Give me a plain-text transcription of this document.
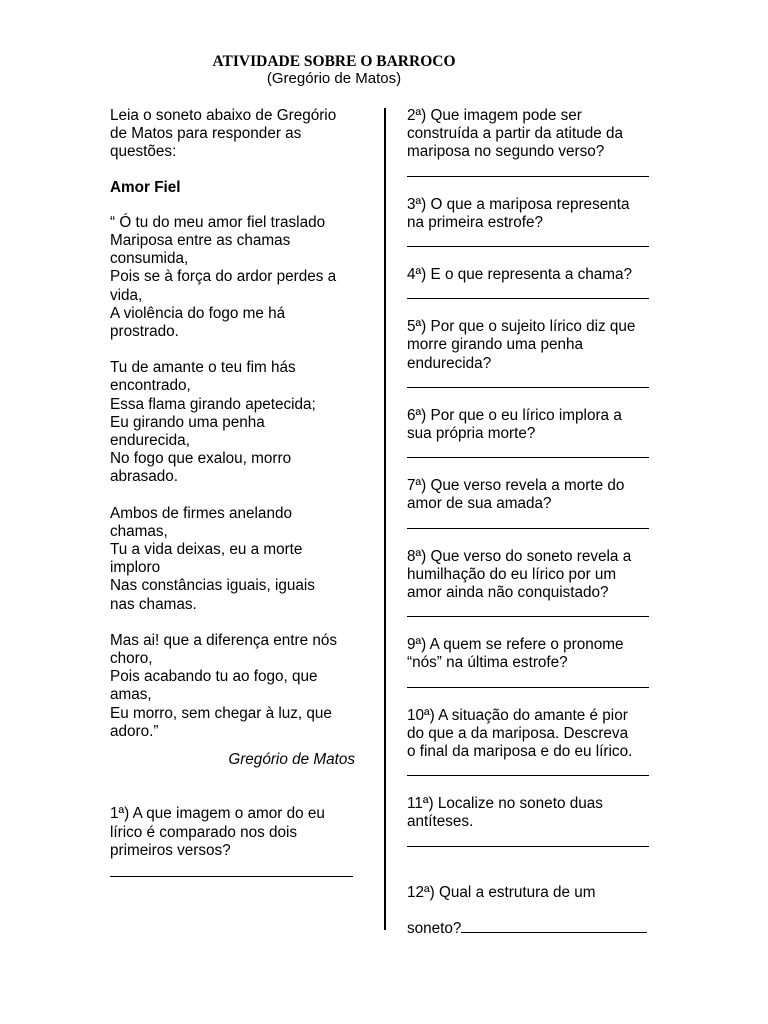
ATIVIDADE SOBRE O BARROCO
(Gregório de Matos)

Leia o soneto abaixo de Gregório
de Matos para responder as
questões:

Amor Fiel

“ Ó tu do meu amor fiel traslado
Mariposa entre as chamas
consumida,
Pois se à força do ardor perdes a
vida,
A violência do fogo me há
prostrado.

Tu de amante o teu fim hás
encontrado,
Essa flama girando apetecida;
Eu girando uma penha
endurecida,
No fogo que exalou, morro
abrasado.

Ambos de firmes anelando
chamas,
Tu a vida deixas, eu a morte
imploro
Nas constâncias iguais, iguais
nas chamas.

Mas ai! que a diferença entre nós
choro,
Pois acabando tu ao fogo, que
amas,
Eu morro, sem chegar à luz, que
adoro.”

Gregório de Matos

1ª) A que imagem o amor do eu
lírico é comparado nos dois
primeiros versos?

2ª) Que imagem pode ser
construída a partir da atitude da
mariposa no segundo verso?
3ª) O que a mariposa representa
na primeira estrofe?
4ª) E o que representa a chama?
5ª) Por que o sujeito lírico diz que
morre girando uma penha
endurecida?
6ª) Por que o eu lírico implora a
sua própria morte?
7ª) Que verso revela a morte do
amor de sua amada?
8ª) Que verso do soneto revela a
humilhação do eu lírico por um
amor ainda não conquistado?
9ª) A quem se refere o pronome
“nós” na última estrofe?
10ª) A situação do amante é pior
do que a da mariposa. Descreva
o final da mariposa e do eu lírico.
11ª) Localize no soneto duas
antíteses.

12ª) Qual a estrutura de um

soneto?
